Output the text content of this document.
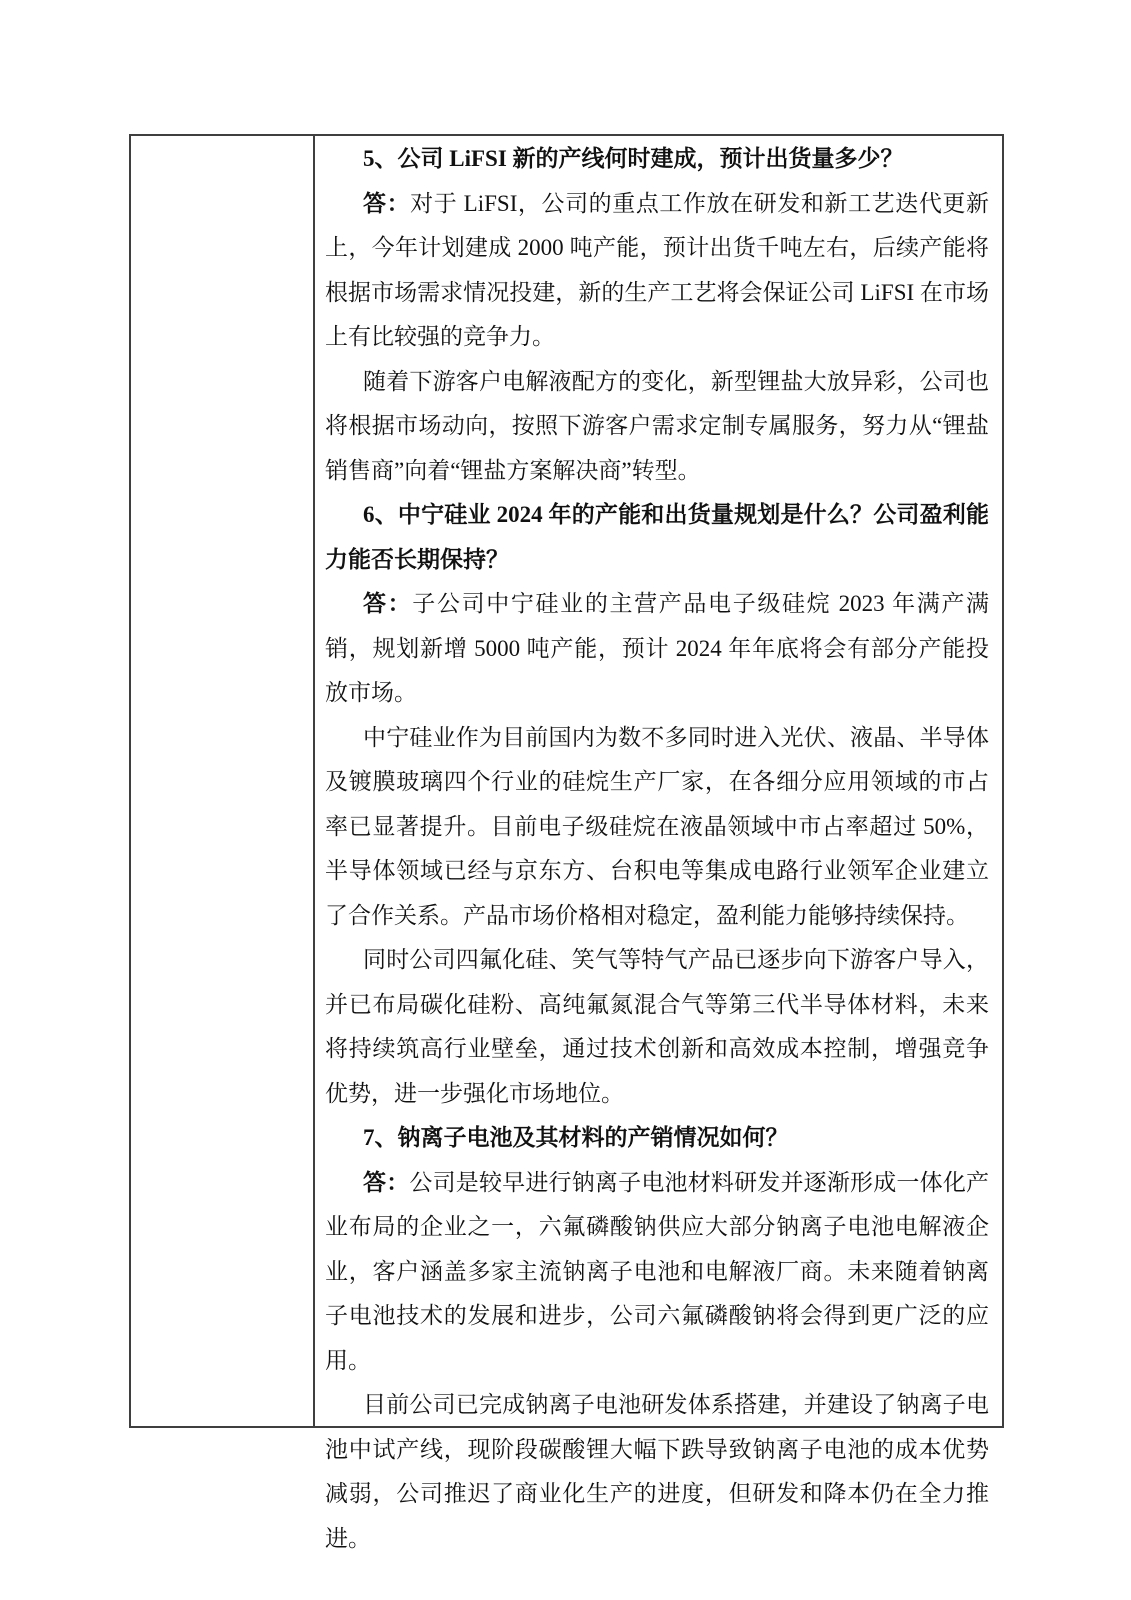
5、公司 LiFSI 新的产线何时建成，预计出货量多少？

答：对于 LiFSI，公司的重点工作放在研发和新工艺迭代更新上，今年计划建成 2000 吨产能，预计出货千吨左右，后续产能将根据市场需求情况投建，新的生产工艺将会保证公司 LiFSI 在市场上有比较强的竞争力。

随着下游客户电解液配方的变化，新型锂盐大放异彩，公司也将根据市场动向，按照下游客户需求定制专属服务，努力从“锂盐销售商”向着“锂盐方案解决商”转型。

6、中宁硅业 2024 年的产能和出货量规划是什么？公司盈利能力能否长期保持？

答：子公司中宁硅业的主营产品电子级硅烷 2023 年满产满销，规划新增 5000 吨产能，预计 2024 年年底将会有部分产能投放市场。

中宁硅业作为目前国内为数不多同时进入光伏、液晶、半导体及镀膜玻璃四个行业的硅烷生产厂家，在各细分应用领域的市占率已显著提升。目前电子级硅烷在液晶领域中市占率超过 50%，半导体领域已经与京东方、台积电等集成电路行业领军企业建立了合作关系。产品市场价格相对稳定，盈利能力能够持续保持。

同时公司四氟化硅、笑气等特气产品已逐步向下游客户导入，并已布局碳化硅粉、高纯氟氮混合气等第三代半导体材料，未来将持续筑高行业壁垒，通过技术创新和高效成本控制，增强竞争优势，进一步强化市场地位。

7、钠离子电池及其材料的产销情况如何？

答：公司是较早进行钠离子电池材料研发并逐渐形成一体化产业布局的企业之一，六氟磷酸钠供应大部分钠离子电池电解液企业，客户涵盖多家主流钠离子电池和电解液厂商。未来随着钠离子电池技术的发展和进步，公司六氟磷酸钠将会得到更广泛的应用。

目前公司已完成钠离子电池研发体系搭建，并建设了钠离子电池中试产线，现阶段碳酸锂大幅下跌导致钠离子电池的成本优势减弱，公司推迟了商业化生产的进度，但研发和降本仍在全力推进。
